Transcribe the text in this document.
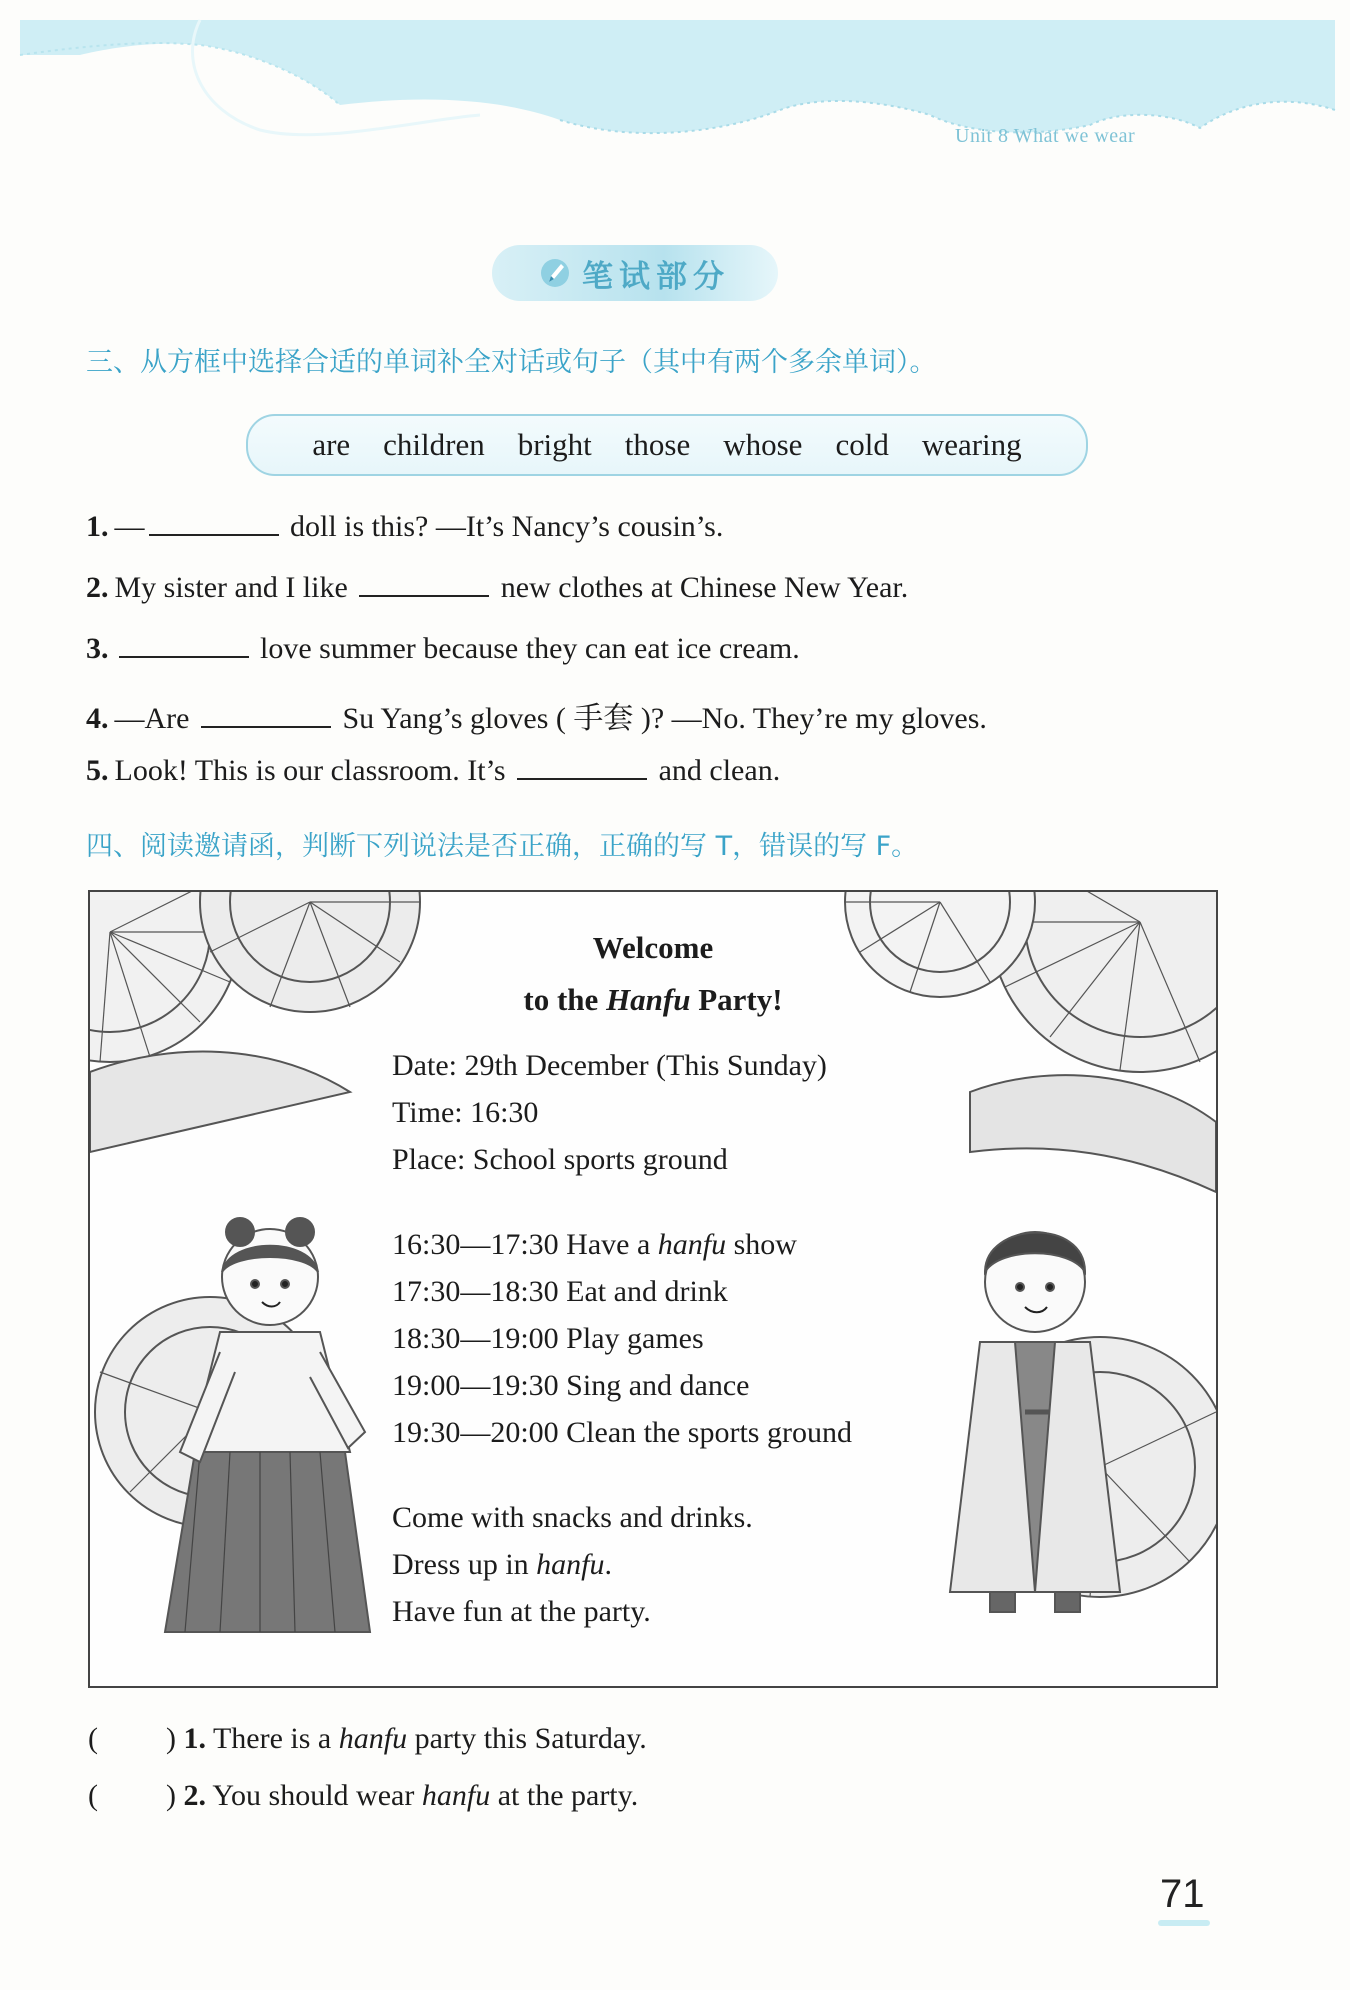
Unit 8 What we wear
笔试部分
三、从方框中选择合适的单词补全对话或句子（其中有两个多余单词）。
are children bright those whose cold wearing
1. —	doll is this? —It’s Nancy’s cousin’s.
2. My sister and I like	new clothes at Chinese New Year.
3.	love summer because they can eat ice cream.
4. —Are	Su Yang’s gloves ( 手套 )? —No. They’re my gloves.
5. Look! This is our classroom. It’s	and clean.
四、阅读邀请函，判断下列说法是否正确，正确的写 T，错误的写 F。
Welcome
to the Hanfu Party!
Date: 29th December (This Sunday)
Time: 16:30
Place: School sports ground
16:30—17:30 Have a hanfu show
17:30—18:30 Eat and drink
18:30—19:00 Play games
19:00—19:30 Sing and dance
19:30—20:00 Clean the sports ground
Come with snacks and drinks.
Dress up in hanfu.
Have fun at the party.
( ) 1. There is a hanfu party this Saturday.
( ) 2. You should wear hanfu at the party.
71
